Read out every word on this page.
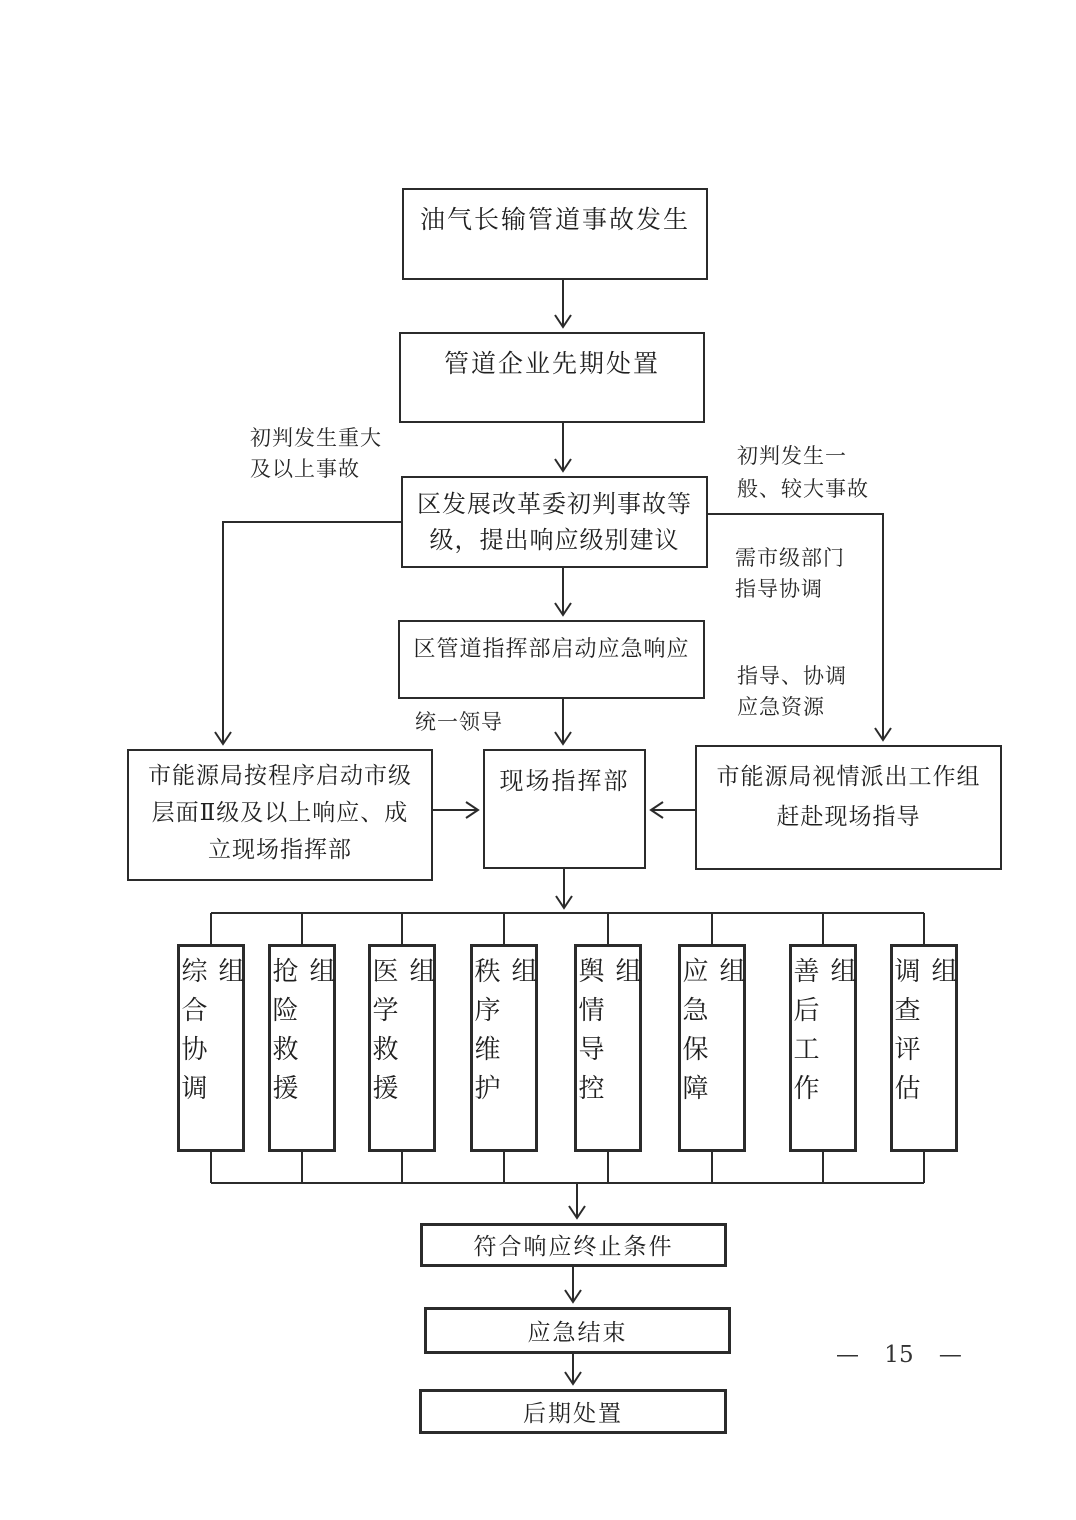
油气长输管道事故发生
管道企业先期处置
区发展改革委初判事故等
级，提出响应级别建议
区管道指挥部启动应急响应
现场指挥部
市能源局按程序启动市级
层面Ⅱ级及以上响应、成
立现场指挥部
市能源局视情派出工作组
赶赴现场指导
综合协调组 抢险救援组 医学救援组 秩序维护组 舆情导控组 应急保障组 善后工作组 调查评估组
符合响应终止条件
应急结束
后期处置
初判发生重大
及以上事故
初判发生一
般、较大事故
需市级部门
指导协调
指导、协调
应急资源
统一领导
— 15 —
